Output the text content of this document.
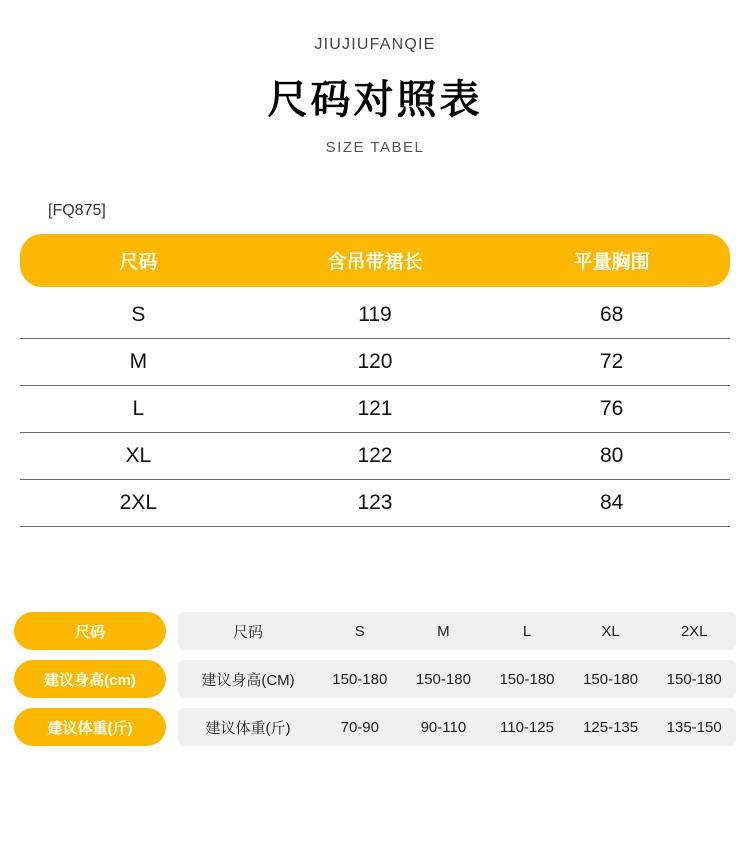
JIUJIUFANQIE
尺码对照表
SIZE TABEL
[FQ875]
尺码	含吊带裙长	平量胸围
S	119	68
M	120	72
L	121	76
XL	122	80
2XL	123	84
尺码	尺码	S	M	L	XL	2XL
建议身高(cm)	建议身高(CM)	150-180	150-180	150-180	150-180	150-180
建议体重(斤)	建议体重(斤)	70-90	90-110	110-125	125-135	135-150
